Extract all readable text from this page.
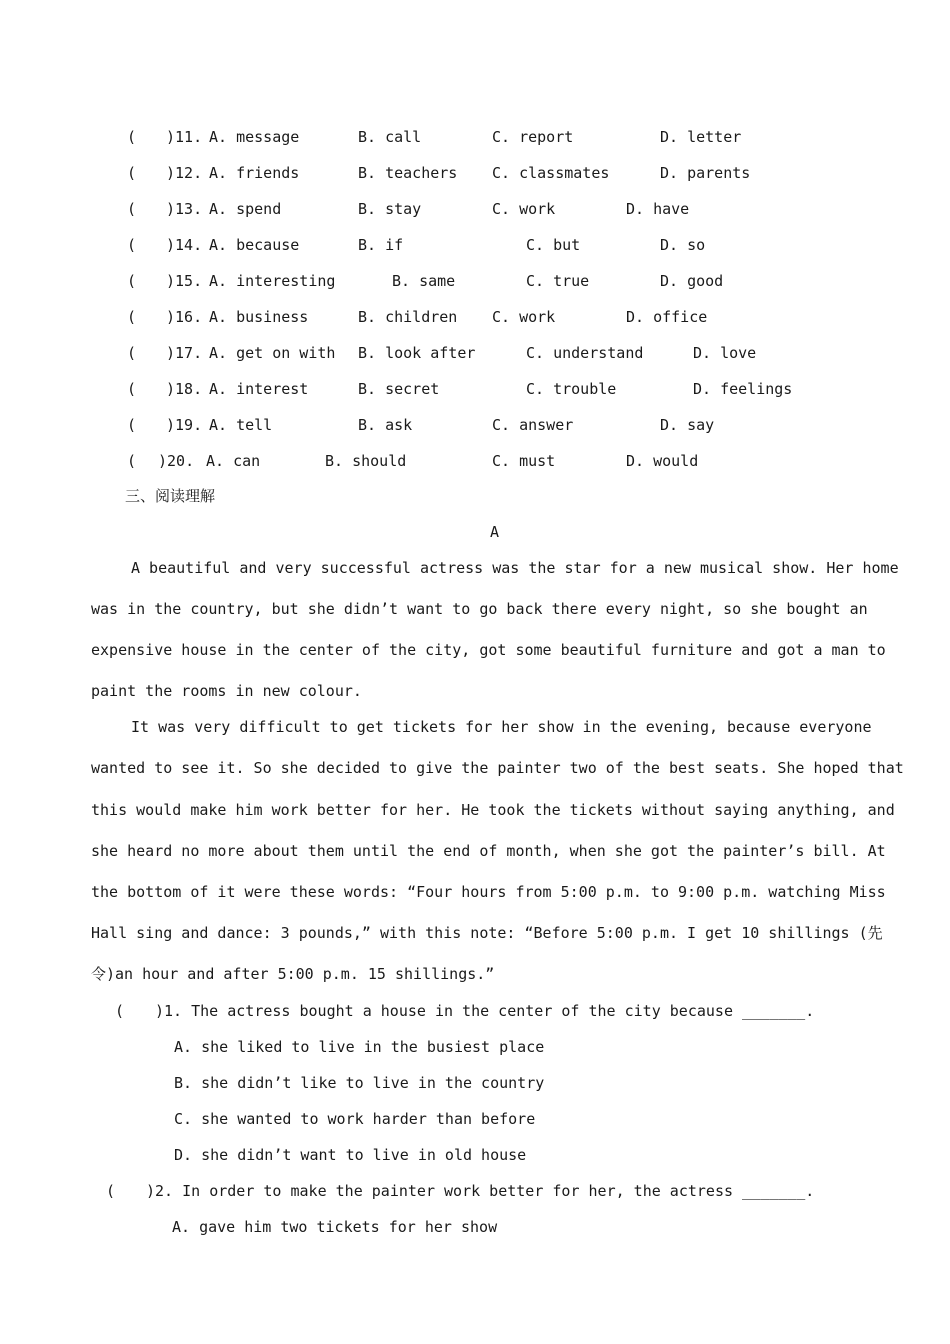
( )11. A. message	B. call	C. report	D. letter
( )12. A. friends	B. teachers C. classmates	D. parents
( )13. A. spend	B. stay	C. work	D. have
( )14. A. because	B. if	C. but	D. so
( )15. A. interesting	B. same	C. true	D. good
( )16. A. business	B. children C. work	D. office
( )17. A. get on with B. look after	C. understand	D. love
( )18. A. interest	B. secret	C. trouble	D. feelings
( )19. A. tell	B. ask	C. answer	D. say
( )20. A. can	B. should	C. must	D. would
三、阅读理解
A
A beautiful and very successful actress was the star for a new musical show. Her home
was in the country, but she didn’t want to go back there every night, so she bought an
expensive house in the center of the city, got some beautiful furniture and got a man to
paint the rooms in new colour.
It was very difficult to get tickets for her show in the evening, because everyone
wanted to see it. So she decided to give the painter two of the best seats. She hoped that
this would make him work better for her. He took the tickets without saying anything, and
she heard no more about them until the end of month, when she got the painter’s bill. At
the bottom of it were these words: “Four hours from 5:00 p.m. to 9:00 p.m. watching Miss
Hall sing and dance: 3 pounds,” with this note: “Before 5:00 p.m. I get 10 shillings (先
令)an hour and after 5:00 p.m. 15 shillings.”
( )1. The actress bought a house in the center of the city because _______.
A. she liked to live in the busiest place
B. she didn’t like to live in the country
C. she wanted to work harder than before
D. she didn’t want to live in old house
( )2. In order to make the painter work better for her, the actress _______.
A. gave him two tickets for her show
